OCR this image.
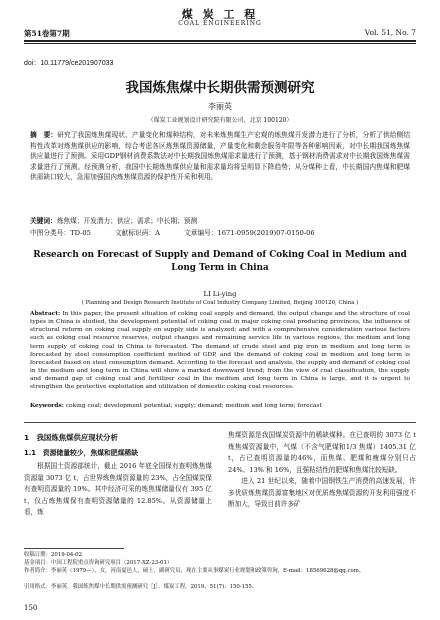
煤 炭 工 程
COAL ENGINEERING
第51卷第7期	Vol. 51, No. 7
doi：10.11779/ce201907033
我国炼焦煤中长期供需预测研究
李丽英
（煤炭工业规划设计研究院有限公司，北京 100120）
摘　要：研究了我国炼焦煤现状、产量变化和煤种结构，对未来炼焦煤生产宏观的炼焦煤开发潜力进行了分析，分析了供给侧结构性改革对炼焦煤供应的影响，综合考虑各区炼焦煤资源储量，产量变化和剩余服务年限等各种影响因素，对中长期我国炼焦煤供应量进行了预测。采用GDP钢材消费系数法对中长期我国炼焦煤需求量进行了预测，基于钢材消费需求对中长期我国炼焦煤需求量进行了预测。经预测分析，我国中长期炼焦煤供应量和需求量均将呈明显下降趋势；从分煤种上看，中长期国内焦煤和肥煤供需缺口较大，急需加强国内炼焦煤资源的保护性开采和利用。
关键词：炼焦煤；开发潜力；供应；需求；中长期；预测
中图分类号：TD-05	文献标识码：A	文章编号：1671-0959(2019)07-0150-06
Research on Forecast of Supply and Demand of Coking Coal in Medium and Long Term in China
LI Li-ying
( Planning and Design Research Institute of Coal Industry Company Limited, Beijing 100120, China )
Abstract: In this paper, the present situation of coking coal supply and demand, the output change and the structure of coal types in China is studied, the development potential of coking coal in major coking coal producing provinces, the influence of structural reform on coking coal supply on supply side is analyzed; and with a comprehensive consideration various factors such as coking coal resource reserves, output changes and remaining service life in various regions, the medium and long term supply of coking coal in China is forecasted. The demand of crude steel and pig iron in medium and long term is forecasted by steel consumption coefficient method of GDP, and the demand of coking coal in medium and long term is forecasted based on steel consumption demand. According to the forecast and analysis, the supply and demand of coking coal in the medium and long term in China will show a marked downward trend; from the view of coal classification, the supply and demand gap of coking coal and fertilizer coal in the medium and long term in China is large, and it is urgent to strengthen the protective exploitation and utilization of domestic coking coal resources.
Keywords: coking coal; development potential; supply; demand; medium and long term; forecast
1　我国炼焦煤供应现状分析
1.1　资源储量较少，焦煤和肥煤稀缺

根据国土资源部统计，截止 2016 年底全国保有查明炼焦煤资源量 3073 亿 t，占世界炼焦煤资源量的 23%，占全国煤炭保有查明资源量的 19%。其中经济可采的炼焦煤储量仅有 395 亿 t，仅占炼焦煤保有查明资源储量的 12.85%。从资源储量上看，炼

焦煤资源是我国煤炭资源中的稀缺煤种。在已查明的 3073 亿 t 炼焦煤资源量中，气煤（不含气肥煤和1/3 焦煤）1405.31 亿 t，占已查明资源量的46%，而焦煤、肥煤和瘦煤分别只占 24%、13% 和 16%，且强粘结性的肥煤和焦煤比较短缺。

进入 21 世纪以来，随着中国钢铁生产消费的高速发展，许多优质炼焦煤资源富集地区对优质炼焦煤资源的开发利用强度不断加大，导致目前许多矿

收稿日期：2019-04-02
基金项目：中国工程院重点咨询研究项目（2017-XZ-23-01）
作者简介：李丽英（1979—），女，河南夏邑人，硕士，副研究员，现在主要从事煤炭行业规划和政策咨询，E-mail：18569628@qq.com。
引用格式：李丽英．我国炼焦煤中长期供需预测研究［J］．煤炭工程，2019，51(7)：150-155.
150
